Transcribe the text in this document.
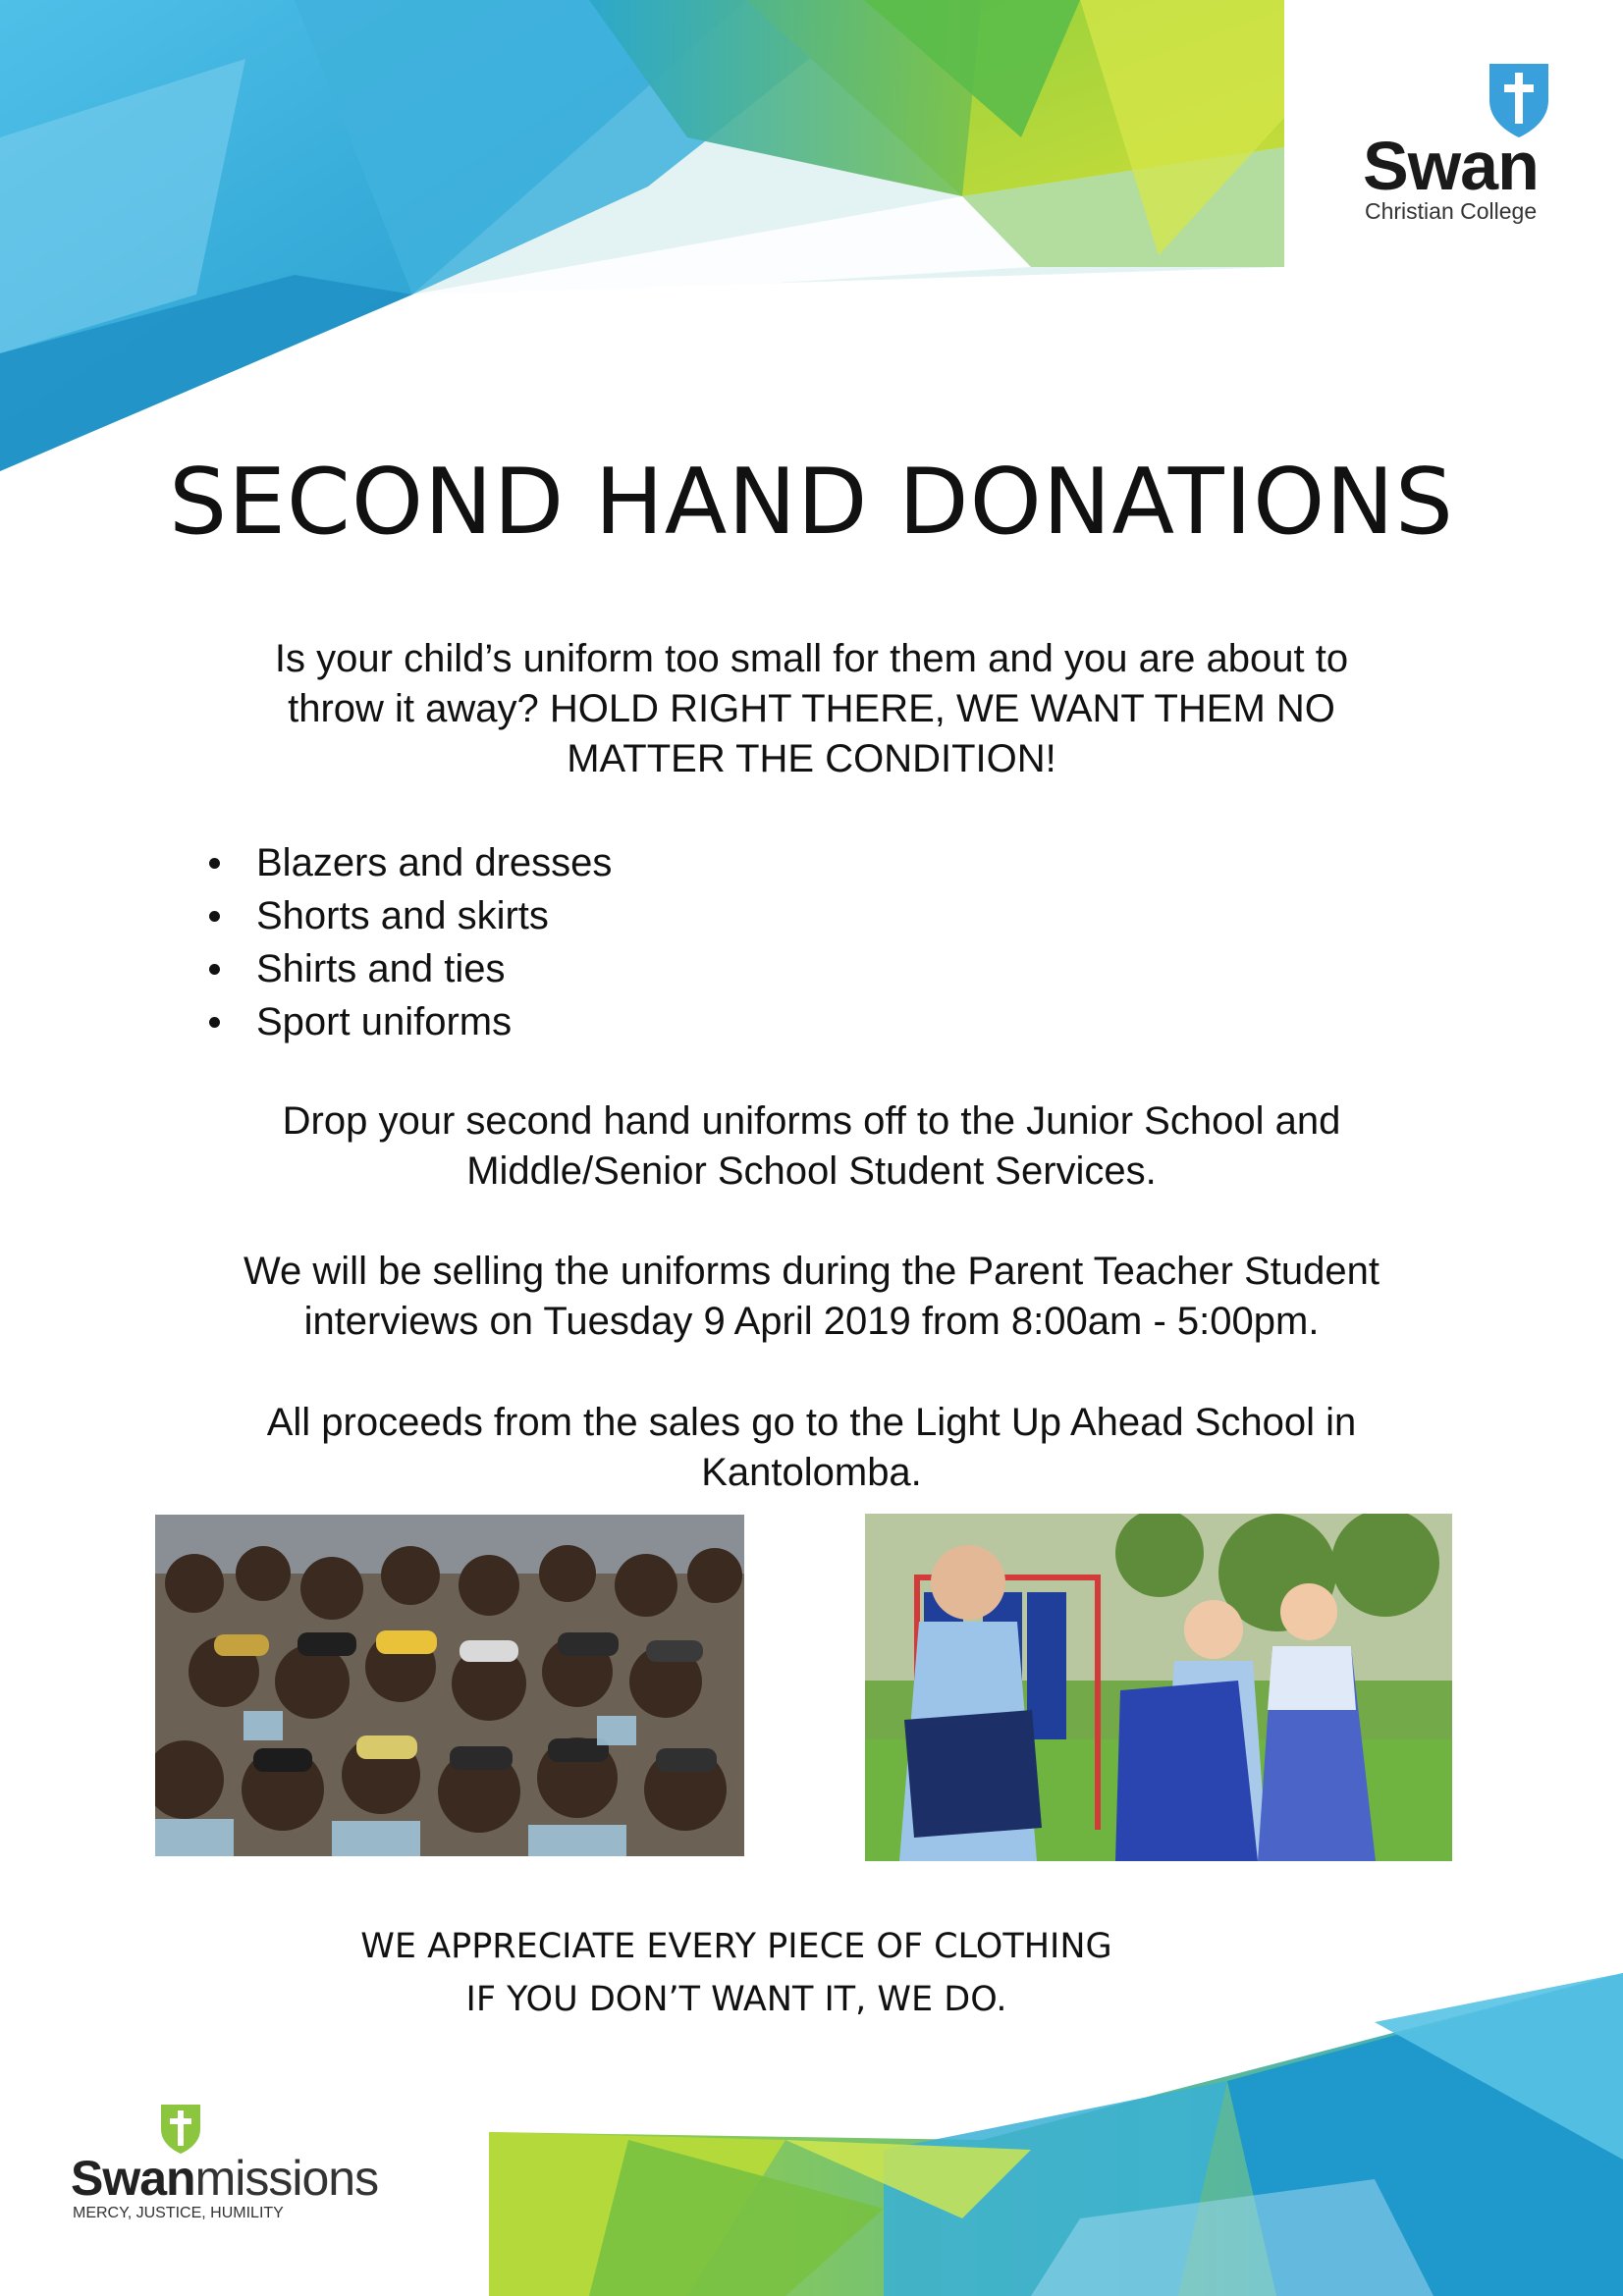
Swan
Christian College
SECOND HAND DONATIONS
Is your child’s uniform too small for them and you are about to
throw it away? HOLD RIGHT THERE, WE WANT THEM NO
MATTER THE CONDITION!
Blazers and dresses
Shorts and skirts
Shirts and ties
Sport uniforms
Drop your second hand uniforms off to the Junior School and
Middle/Senior School Student Services.
We will be selling the uniforms during the Parent Teacher Student
interviews on Tuesday 9 April 2019 from 8:00am - 5:00pm.
All proceeds from the sales go to the Light Up Ahead School in
Kantolomba.
WE APPRECIATE EVERY PIECE OF CLOTHING
IF YOU DON’T WANT IT, WE DO.
Swanmissions
MERCY, JUSTICE, HUMILITY
